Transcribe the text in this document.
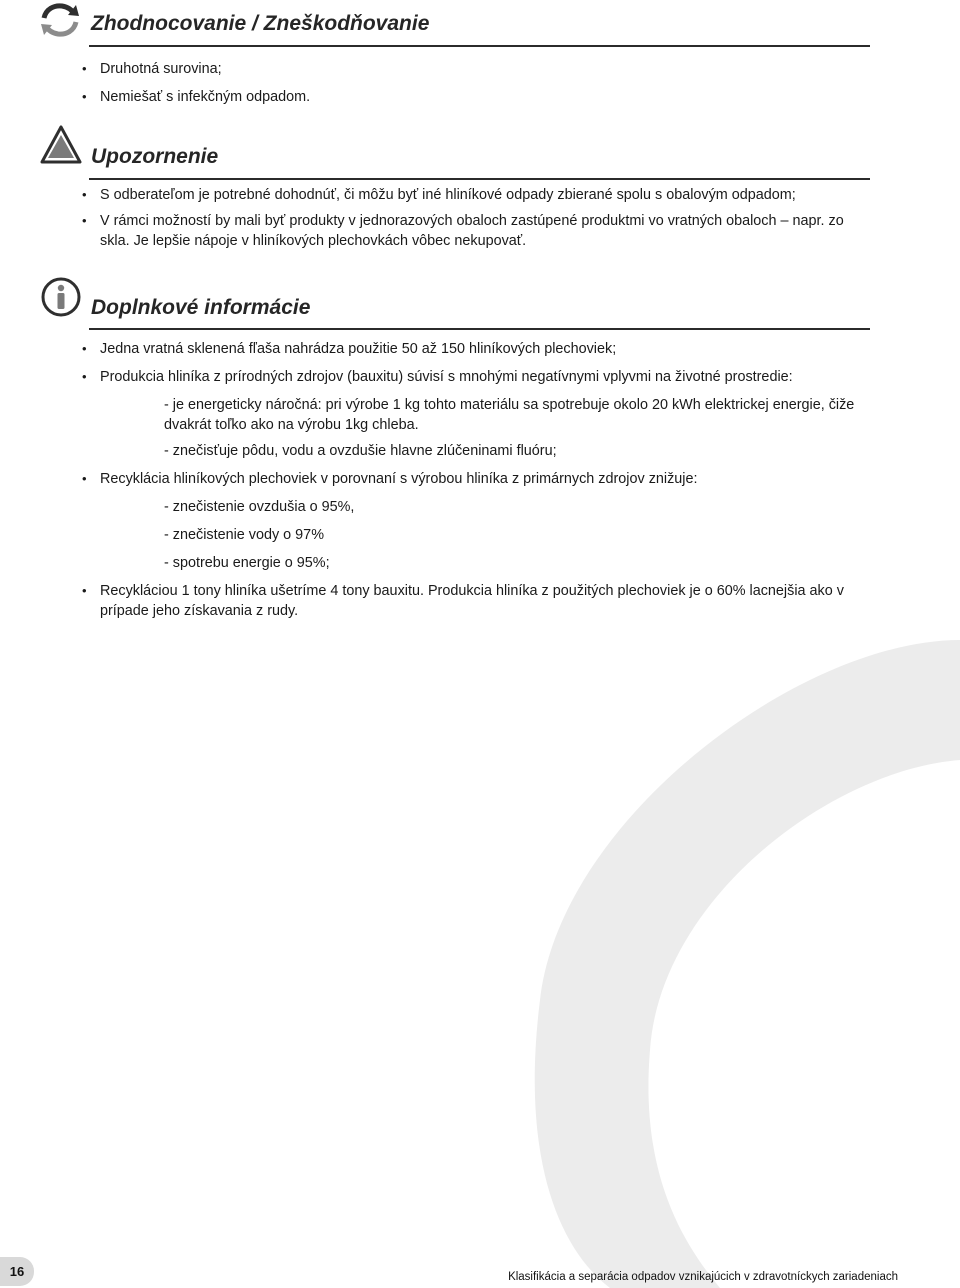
Zhodnocovanie / Zneškodňovanie
• Druhotná surovina;
• Nemiešať s infekčným odpadom.
Upozornenie
• S odberateľom je potrebné dohodnúť, či môžu byť iné hliníkové odpady zbierané spolu s obalovým odpadom;
• V rámci možností by mali byť produkty v jednorazových obaloch zastúpené produktmi vo vratných obaloch – napr. zo skla. Je lepšie nápoje v hliníkových plechovkách vôbec nekupovať.
Doplnkové informácie
• Jedna vratná sklenená fľaša nahrádza použitie 50 až 150 hliníkových plechoviek;
• Produkcia hliníka z prírodných zdrojov (bauxitu) súvisí s mnohými negatívnymi vplyvmi na životné prostredie:
- je energeticky náročná: pri výrobe 1 kg tohto materiálu sa spotrebuje okolo 20 kWh elektrickej energie, čiže dvakrát toľko ako na výrobu 1kg chleba.
- znečisťuje pôdu, vodu a ovzdušie hlavne zlúčeninami fluóru;
• Recyklácia hliníkových plechoviek v porovnaní s výrobou hliníka z primárnych zdrojov znižuje:
- znečistenie ovzdušia o 95%,
- znečistenie vody o 97%
- spotrebu energie o 95%;
• Recykláciou 1 tony hliníka ušetríme 4 tony bauxitu. Produkcia hliníka z použitých plechoviek je o 60% lacnejšia ako v prípade jeho získavania z rudy.
16	Klasifikácia a separácia odpadov vznikajúcich v zdravotníckych zariadeniach
